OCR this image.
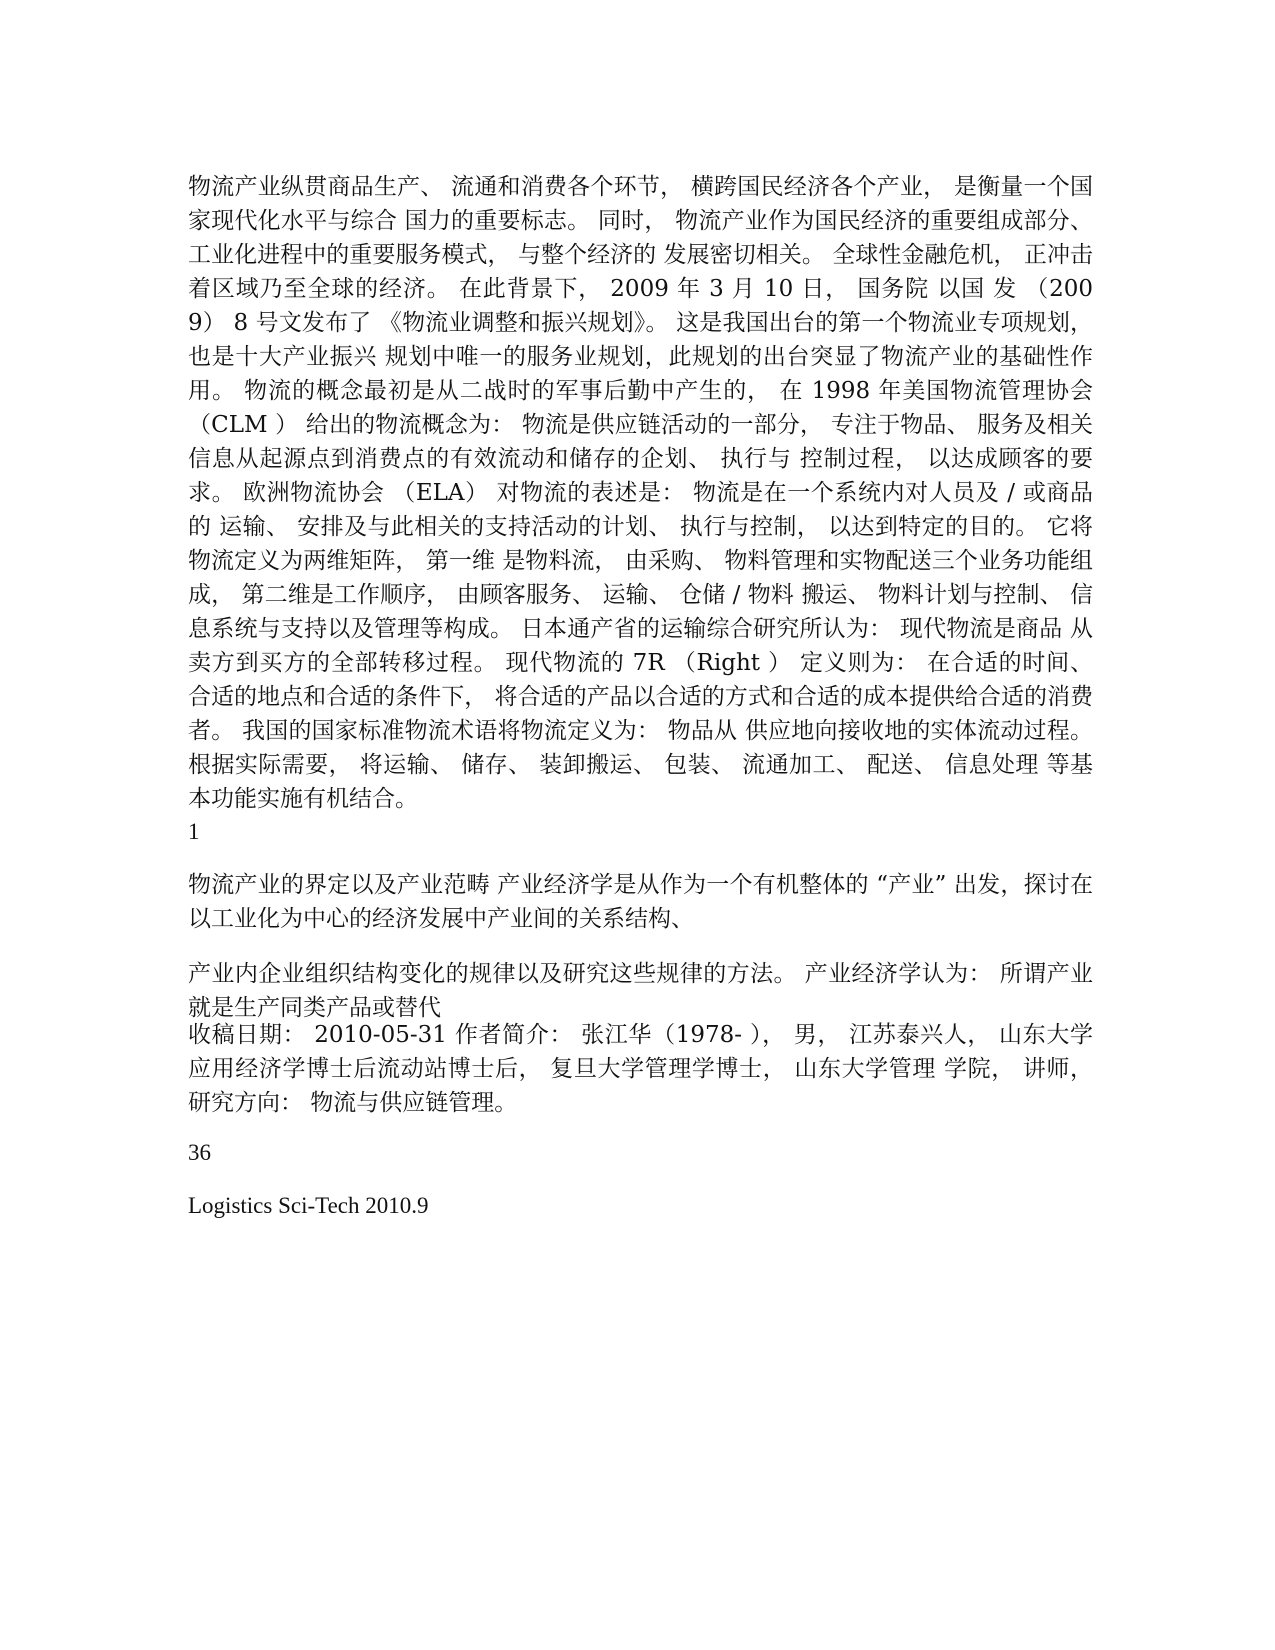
物流产业纵贯商品生产、 流通和消费各个环节， 横跨国民经济各个产业， 是衡量一个国家现代化水平与综合 国力的重要标志。 同时， 物流产业作为国民经济的重要组成部分、 工业化进程中的重要服务模式， 与整个经济的 发展密切相关。 全球性金融危机， 正冲击着区域乃至全球的经济。 在此背景下， 2009 年 3 月 10 日， 国务院 以国 发 （2009） 8 号文发布了 《物流业调整和振兴规划》。 这是我国出台的第一个物流业专项规划， 也是十大产业振兴 规划中唯一的服务业规划，此规划的出台突显了物流产业的基础性作用。 物流的概念最初是从二战时的军事后勤中产生的， 在 1998 年美国物流管理协会 （CLM ） 给出的物流概念为： 物流是供应链活动的一部分， 专注于物品、 服务及相关信息从起源点到消费点的有效流动和储存的企划、 执行与 控制过程， 以达成顾客的要求。 欧洲物流协会 （ELA） 对物流的表述是： 物流是在一个系统内对人员及 / 或商品的 运输、 安排及与此相关的支持活动的计划、 执行与控制， 以达到特定的目的。 它将物流定义为两维矩阵， 第一维 是物料流， 由采购、 物料管理和实物配送三个业务功能组成， 第二维是工作顺序， 由顾客服务、 运输、 仓储 / 物料 搬运、 物料计划与控制、 信息系统与支持以及管理等构成。 日本通产省的运输综合研究所认为： 现代物流是商品 从卖方到买方的全部转移过程。 现代物流的 7R （Right ） 定义则为： 在合适的时间、 合适的地点和合适的条件下， 将合适的产品以合适的方式和合适的成本提供给合适的消费者。 我国的国家标准物流术语将物流定义为： 物品从 供应地向接收地的实体流动过程。 根据实际需要， 将运输、 储存、 装卸搬运、 包装、 流通加工、 配送、 信息处理 等基本功能实施有机结合。

1

物流产业的界定以及产业范畴 产业经济学是从作为一个有机整体的 “产业” 出发，探讨在以工业化为中心的经济发展中产业间的关系结构、

产业内企业组织结构变化的规律以及研究这些规律的方法。 产业经济学认为： 所谓产业就是生产同类产品或替代

收稿日期： 2010-05-31 作者简介： 张江华（1978- ）， 男， 江苏泰兴人， 山东大学应用经济学博士后流动站博士后， 复旦大学管理学博士， 山东大学管理 学院， 讲师， 研究方向： 物流与供应链管理。

36

Logistics Sci-Tech 2010.9
